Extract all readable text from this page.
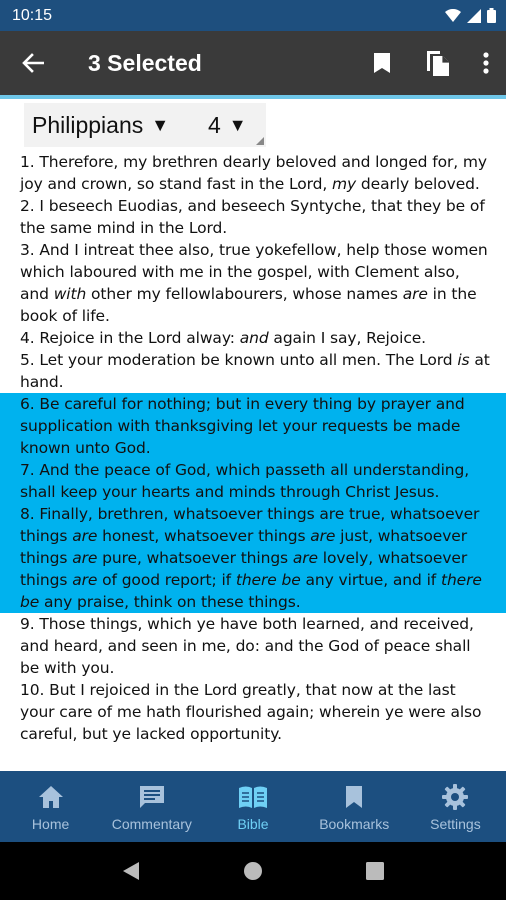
10:15
3 Selected
Philippians ▼ 4 ▼
1. Therefore, my brethren dearly beloved and longed for, my joy and crown, so stand fast in the Lord, my dearly beloved.
2. I beseech Euodias, and beseech Syntyche, that they be of the same mind in the Lord.
3. And I intreat thee also, true yokefellow, help those women which laboured with me in the gospel, with Clement also, and with other my fellowlabourers, whose names are in the book of life.
4. Rejoice in the Lord alway: and again I say, Rejoice.
5. Let your moderation be known unto all men. The Lord is at hand.
6. Be careful for nothing; but in every thing by prayer and supplication with thanksgiving let your requests be made known unto God.
7. And the peace of God, which passeth all understanding, shall keep your hearts and minds through Christ Jesus.
8. Finally, brethren, whatsoever things are true, whatsoever things are honest, whatsoever things are just, whatsoever things are pure, whatsoever things are lovely, whatsoever things are of good report; if there be any virtue, and if there be any praise, think on these things.
9. Those things, which ye have both learned, and received, and heard, and seen in me, do: and the God of peace shall be with you.
10. But I rejoiced in the Lord greatly, that now at the last your care of me hath flourished again; wherein ye were also careful, but ye lacked opportunity.
Home	Commentary	Bible	Bookmarks	Settings
